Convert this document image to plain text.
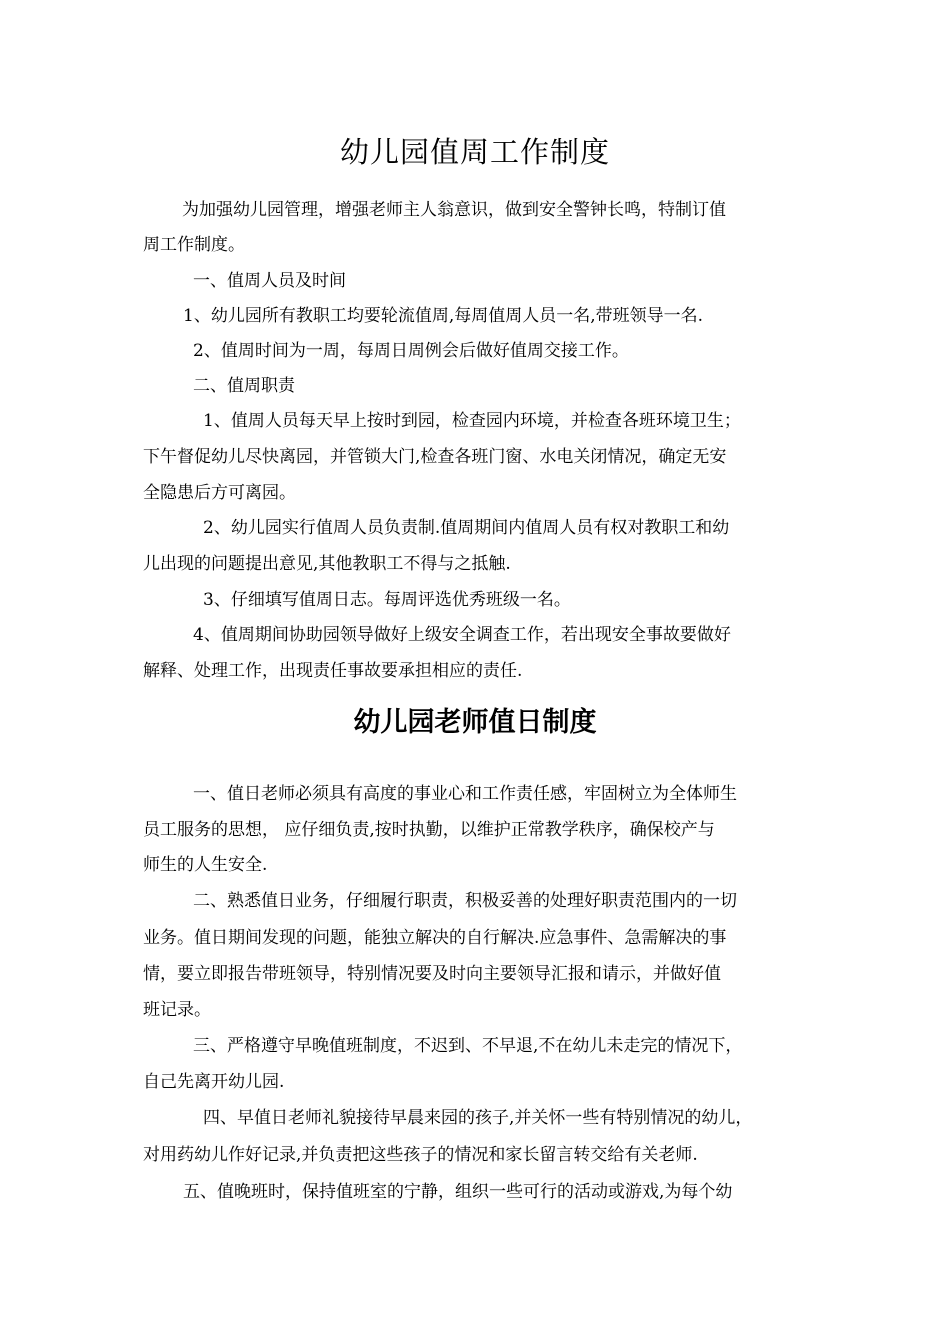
幼儿园值周工作制度
为加强幼儿园管理，增强老师主人翁意识，做到安全警钟长鸣，特制订值
周工作制度。
一、值周人员及时间
1、幼儿园所有教职工均要轮流值周,每周值周人员一名,带班领导一名.
2、值周时间为一周，每周日周例会后做好值周交接工作。
二、值周职责
1、值周人员每天早上按时到园，检查园内环境，并检查各班环境卫生；
下午督促幼儿尽快离园，并管锁大门,检查各班门窗、水电关闭情况，确定无安
全隐患后方可离园。
2、幼儿园实行值周人员负责制.值周期间内值周人员有权对教职工和幼
儿出现的问题提出意见,其他教职工不得与之抵触.
3、仔细填写值周日志。每周评选优秀班级一名。
4、值周期间协助园领导做好上级安全调查工作，若出现安全事故要做好
解释、处理工作，出现责任事故要承担相应的责任.
幼儿园老师值日制度
一、值日老师必须具有高度的事业心和工作责任感，牢固树立为全体师生
员工服务的思想， 应仔细负责,按时执勤，以维护正常教学秩序，确保校产与
师生的人生安全.
二、熟悉值日业务，仔细履行职责，积极妥善的处理好职责范围内的一切
业务。值日期间发现的问题，能独立解决的自行解决.应急事件、急需解决的事
情，要立即报告带班领导，特别情况要及时向主要领导汇报和请示，并做好值
班记录。
三、严格遵守早晚值班制度，不迟到、不早退,不在幼儿未走完的情况下，
自己先离开幼儿园.
四、早值日老师礼貌接待早晨来园的孩子,并关怀一些有特别情况的幼儿，
对用药幼儿作好记录,并负责把这些孩子的情况和家长留言转交给有关老师.
五、值晚班时，保持值班室的宁静，组织一些可行的活动或游戏,为每个幼
